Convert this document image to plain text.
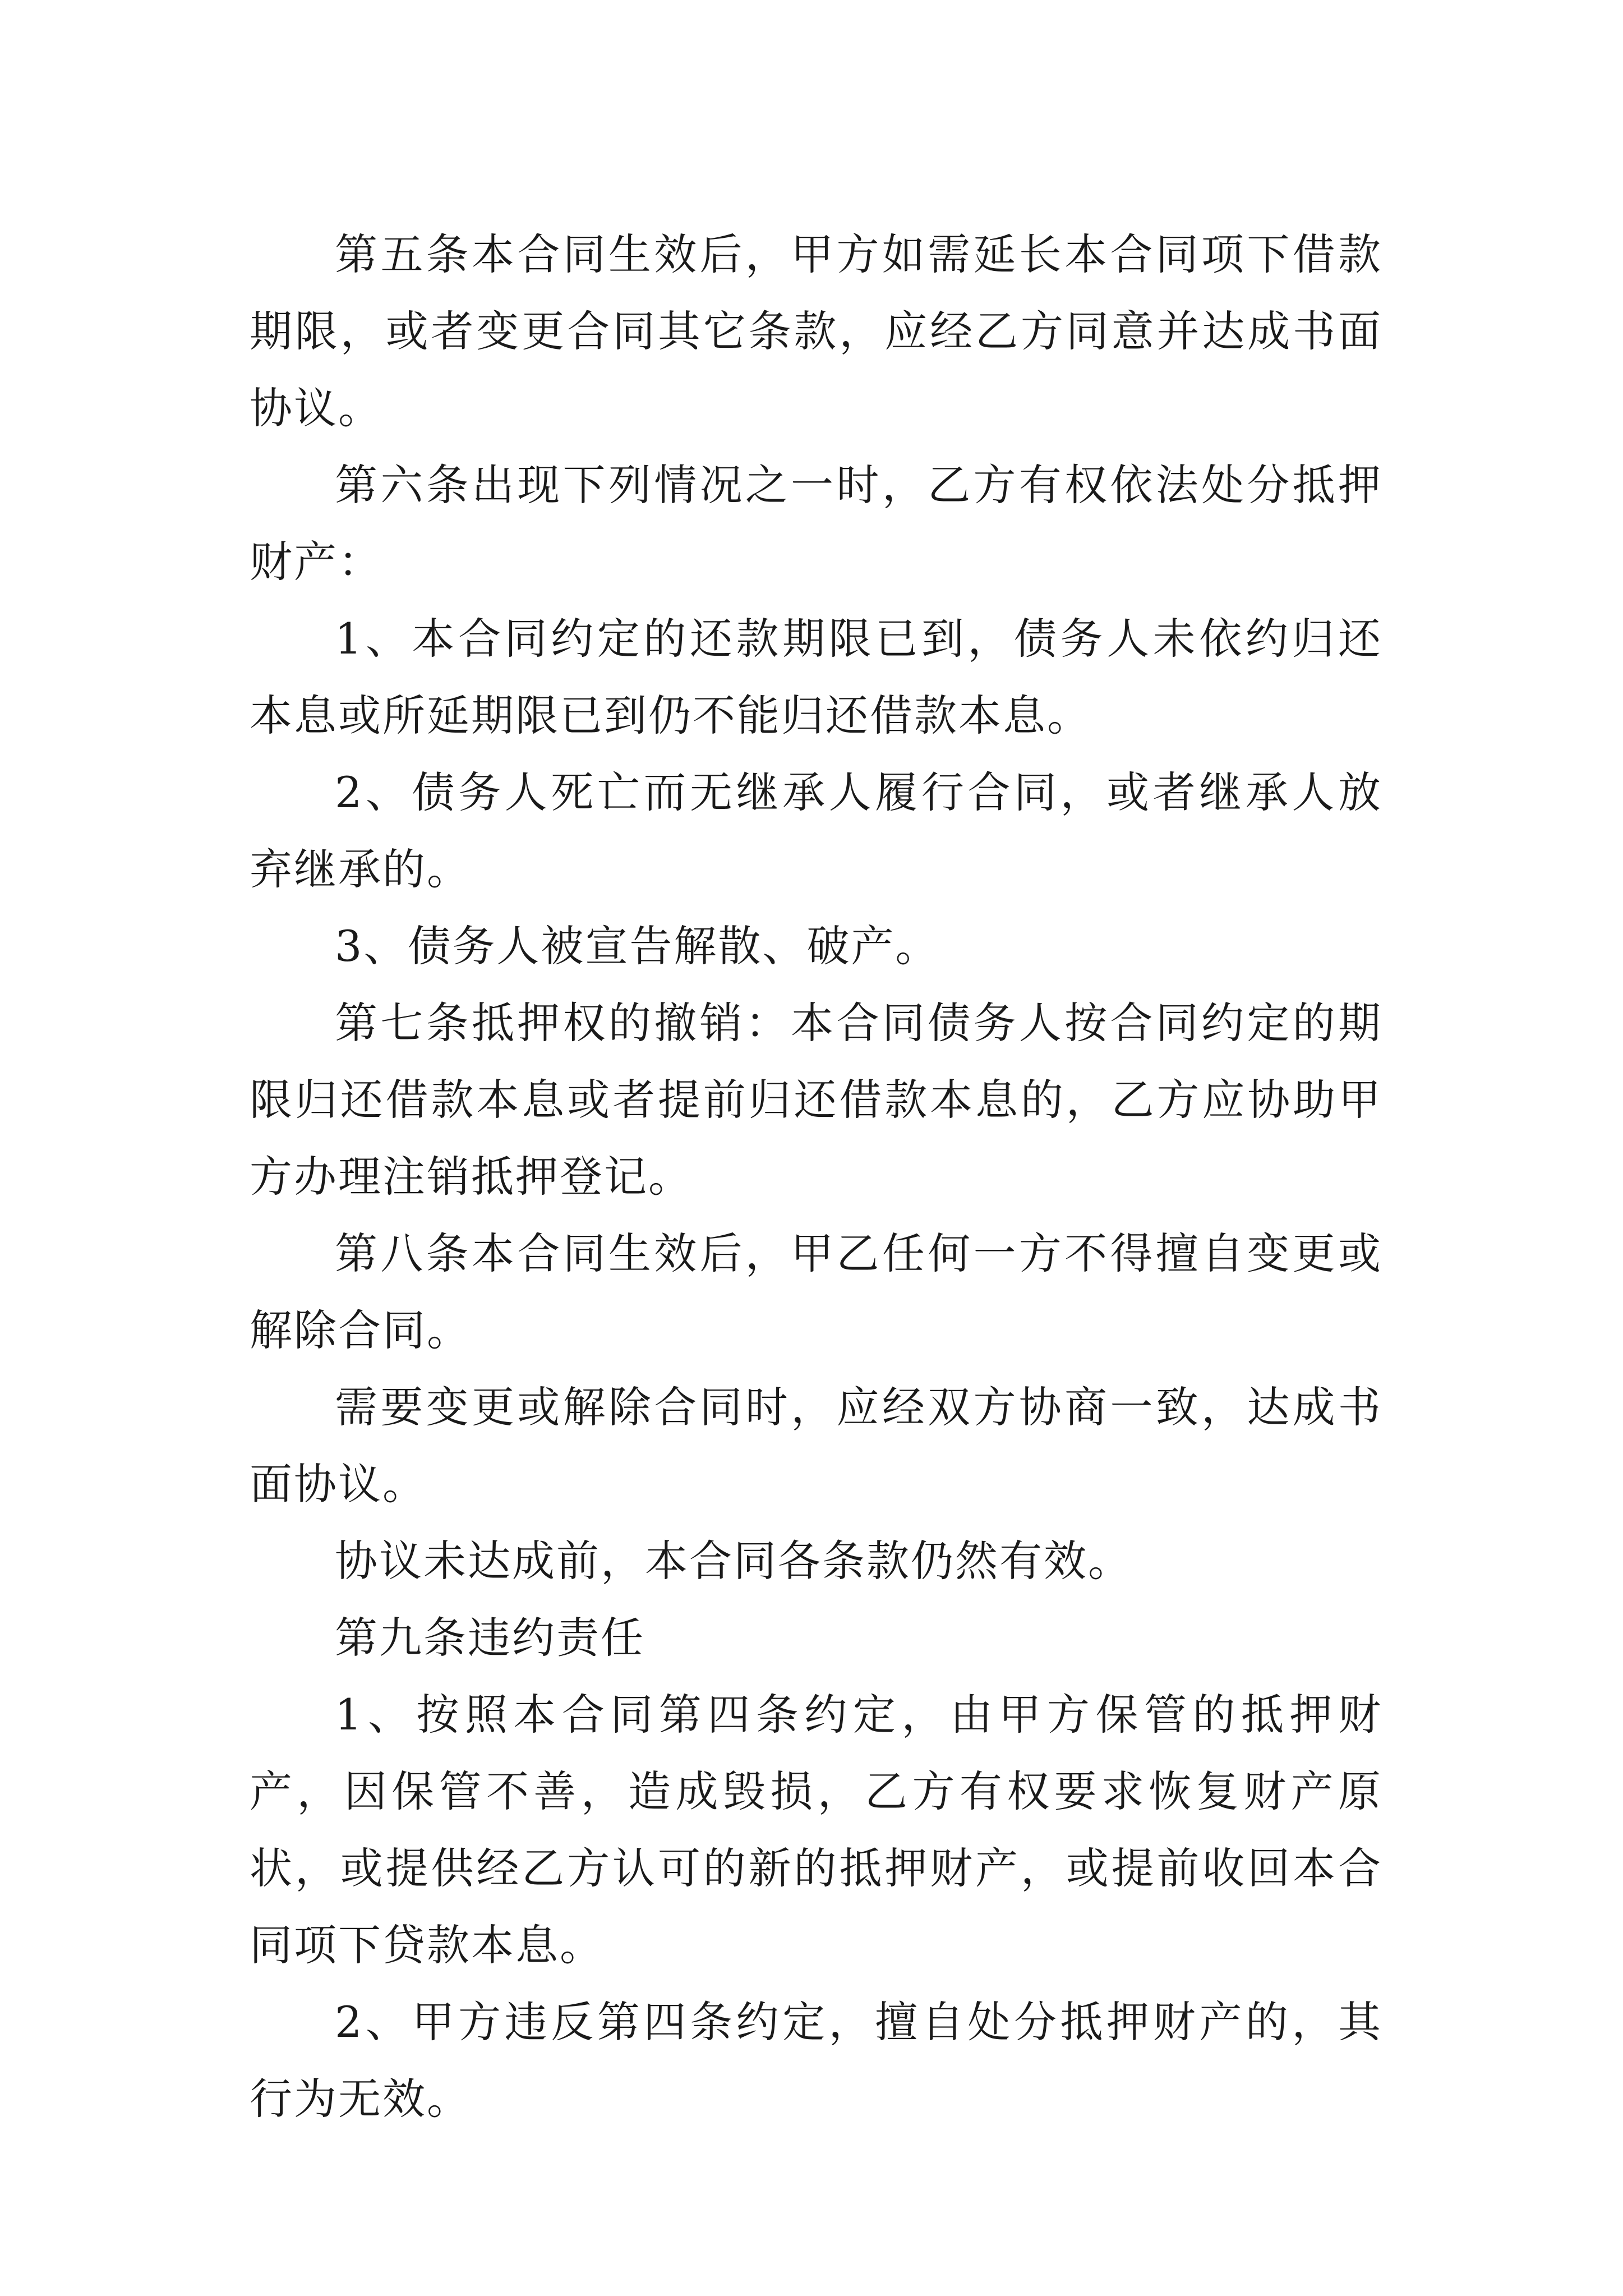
第五条本合同生效后，甲方如需延长本合同项下借款期限，或者变更合同其它条款，应经乙方同意并达成书面协议。

第六条出现下列情况之一时，乙方有权依法处分抵押财产：

1、本合同约定的还款期限已到，债务人未依约归还本息或所延期限已到仍不能归还借款本息。

2、债务人死亡而无继承人履行合同，或者继承人放弃继承的。

3、债务人被宣告解散、破产。

第七条抵押权的撤销：本合同债务人按合同约定的期限归还借款本息或者提前归还借款本息的，乙方应协助甲方办理注销抵押登记。

第八条本合同生效后，甲乙任何一方不得擅自变更或解除合同。

需要变更或解除合同时，应经双方协商一致，达成书面协议。

协议未达成前，本合同各条款仍然有效。

第九条违约责任

1、按照本合同第四条约定，由甲方保管的抵押财产，因保管不善，造成毁损，乙方有权要求恢复财产原状，或提供经乙方认可的新的抵押财产，或提前收回本合同项下贷款本息。

2、甲方违反第四条约定，擅自处分抵押财产的，其行为无效。
